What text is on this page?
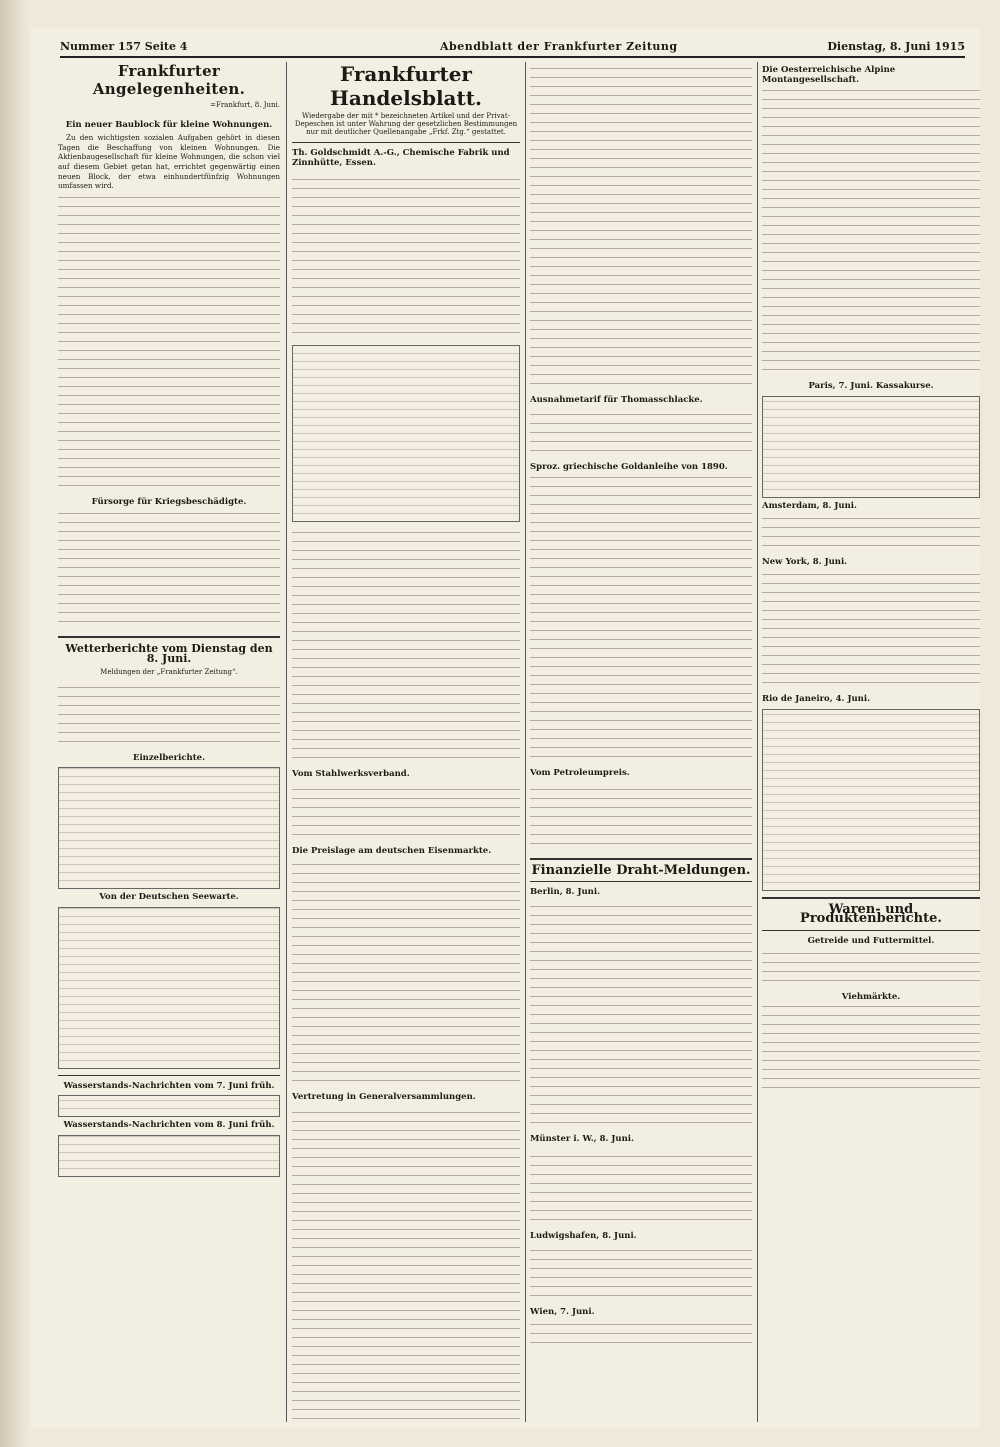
Nummer 157 Seite 4	Abendblatt der Frankfurter Zeitung	Dienstag, 8. Juni 1915
Frankfurter Angelegenheiten.
=Frankfurt, 8. Juni.
Ein neuer Baublock für kleine Wohnungen.

Zu den wichtigsten sozialen Aufgaben gehört in diesen Tagen die Beschaffung von kleinen Wohnungen. Die Aktienbaugesellschaft für kleine Wohnungen, die schon viel auf diesem Gebiet getan hat, errichtet gegenwärtig einen neuen Block, der etwa einhundertfünfzig Wohnungen umfassen wird.

Fürsorge für Kriegsbeschädigte.
Wetterberichte vom Dienstag den 8. Juni.
Meldungen der „Frankfurter Zeitung“.
Einzelberichte.
Von der Deutschen Seewarte.
Wasserstands-Nachrichten vom 7. Juni früh.
Wasserstands-Nachrichten vom 8. Juni früh.
Frankfurter Handelsblatt.
Wiedergabe der mit * bezeichneten Artikel und der Privat-Depeschen ist unter Wahrung der gesetzlichen Bestimmungen nur mit deutlicher Quellenangabe „Frkf. Ztg.“ gestattet.
Th. Goldschmidt A.-G., Chemische Fabrik und Zinnhütte, Essen.
Vom Stahlwerksverband.
Die Preislage am deutschen Eisenmarkte.
Vertretung in Generalversammlungen.
Ausnahmetarif für Thomasschlacke.
Sproz. griechische Goldanleihe von 1890.
Vom Petroleumpreis.
Finanzielle Draht-Meldungen.
Berlin, 8. Juni.
Münster i. W., 8. Juni.
Ludwigshafen, 8. Juni.
Wien, 7. Juni.
Die Oesterreichische Alpine Montangesellschaft.
Paris, 7. Juni. Kassakurse.
Amsterdam, 8. Juni.
New York, 8. Juni.
Rio de Janeiro, 4. Juni.
Waren- und Produktenberichte.
Getreide und Futtermittel.
Viehmärkte.
